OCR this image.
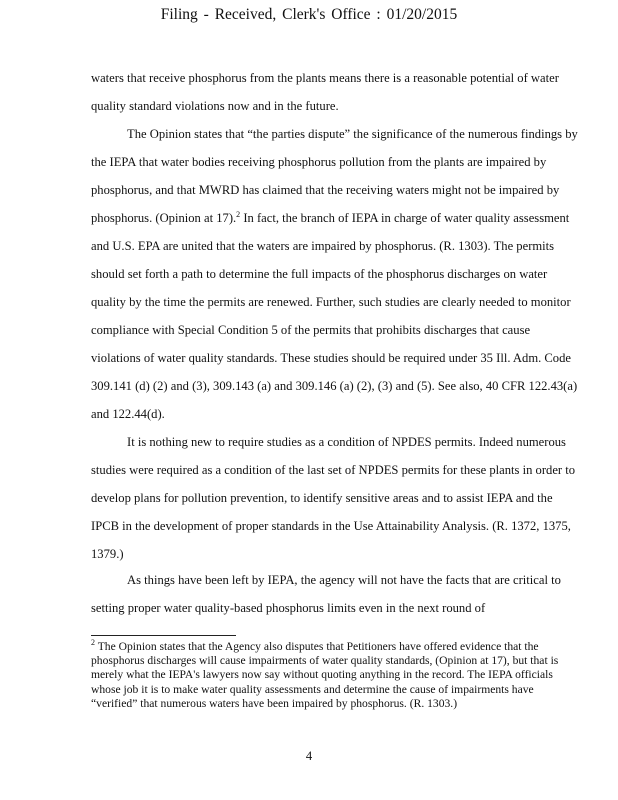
Filing - Received, Clerk's Office : 01/20/2015

waters that receive phosphorus from the plants means there is a reasonable potential of water quality standard violations now and in the future.

The Opinion states that “the parties dispute” the significance of the numerous findings by the IEPA that water bodies receiving phosphorus pollution from the plants are impaired by phosphorus, and that MWRD has claimed that the receiving waters might not be impaired by phosphorus. (Opinion at 17).$^2$ In fact, the branch of IEPA in charge of water quality assessment and U.S. EPA are united that the waters are impaired by phosphorus. (R. 1303). The permits should set forth a path to determine the full impacts of the phosphorus discharges on water quality by the time the permits are renewed. Further, such studies are clearly needed to monitor compliance with Special Condition 5 of the permits that prohibits discharges that cause violations of water quality standards. These studies should be required under 35 Ill. Adm. Code 309.141 (d) (2) and (3), 309.143 (a) and 309.146 (a) (2), (3) and (5). See also, 40 CFR 122.43(a) and 122.44(d).

It is nothing new to require studies as a condition of NPDES permits. Indeed numerous studies were required as a condition of the last set of NPDES permits for these plants in order to develop plans for pollution prevention, to identify sensitive areas and to assist IEPA and the IPCB in the development of proper standards in the Use Attainability Analysis. (R. 1372, 1375, 1379.)

As things have been left by IEPA, the agency will not have the facts that are critical to setting proper water quality-based phosphorus limits even in the next round of

$^2$ The Opinion states that the Agency also disputes that Petitioners have offered evidence that the phosphorus discharges will cause impairments of water quality standards, (Opinion at 17), but that is merely what the IEPA's lawyers now say without quoting anything in the record. The IEPA officials whose job it is to make water quality assessments and determine the cause of impairments have “verified” that numerous waters have been impaired by phosphorus. (R. 1303.)
4
